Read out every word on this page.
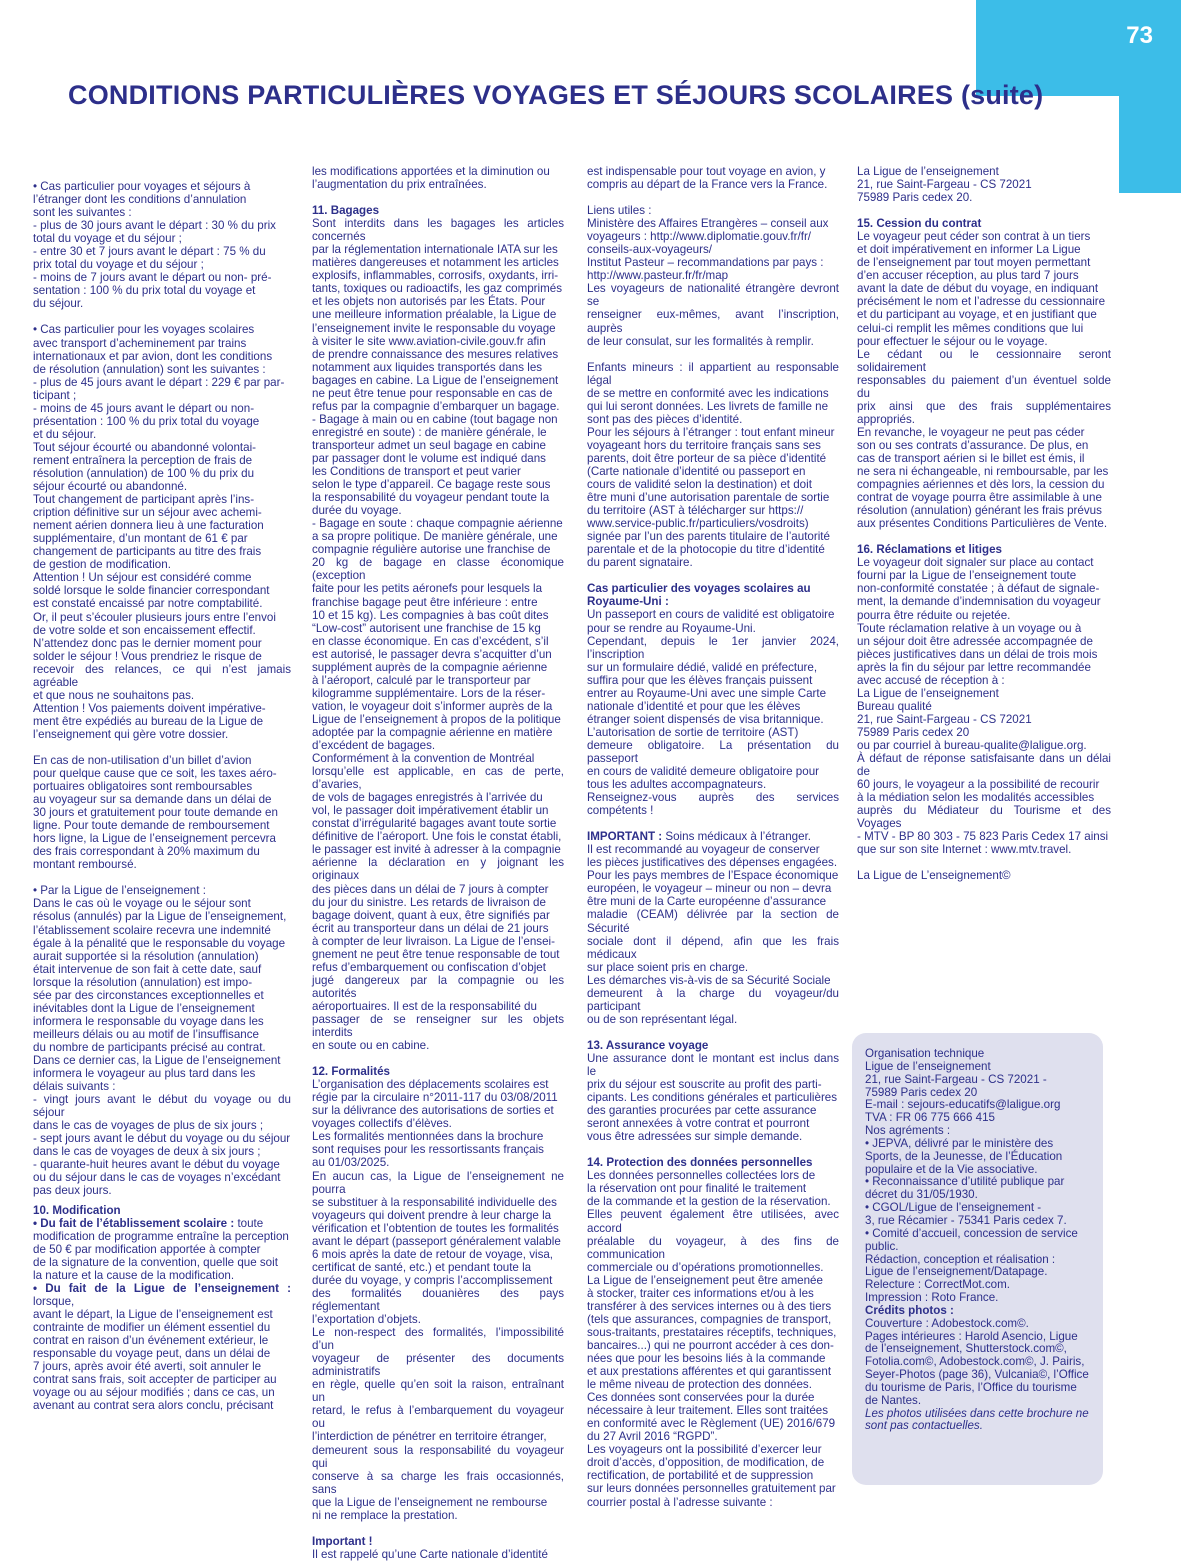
73
CONDITIONS PARTICULIÈRES VOYAGES ET SÉJOURS SCOLAIRES (suite)

• Cas particulier pour voyages et séjours à
l’étranger dont les conditions d’annulation
sont les suivantes :
- plus de 30 jours avant le départ : 30 % du prix
total du voyage et du séjour ;
- entre 30 et 7 jours avant le départ : 75 % du
prix total du voyage et du séjour ;
- moins de 7 jours avant le départ ou non- pré-
sentation : 100 % du prix total du voyage et
du séjour.

• Cas particulier pour les voyages scolaires
avec transport d’acheminement par trains
internationaux et par avion, dont les conditions
de résolution (annulation) sont les suivantes :
- plus de 45 jours avant le départ : 229 € par par-
ticipant ;
- moins de 45 jours avant le départ ou non-
présentation : 100 % du prix total du voyage
et du séjour.
Tout séjour écourté ou abandonné volontai-
rement entraînera la perception de frais de
résolution (annulation) de 100 % du prix du
séjour écourté ou abandonné.
Tout changement de participant après l’ins-
cription définitive sur un séjour avec achemi-
nement aérien donnera lieu à une facturation
supplémentaire, d’un montant de 61 € par
changement de participants au titre des frais
de gestion de modification.
Attention ! Un séjour est considéré comme
soldé lorsque le solde financier correspondant
est constaté encaissé par notre comptabilité.
Or, il peut s’écouler plusieurs jours entre l’envoi
de votre solde et son encaissement effectif.
N’attendez donc pas le dernier moment pour
solder le séjour ! Vous prendriez le risque de
recevoir des relances, ce qui n’est jamais agréable
et que nous ne souhaitons pas.
Attention ! Vos paiements doivent impérative-
ment être expédiés au bureau de la Ligue de
l’enseignement qui gère votre dossier.

En cas de non-utilisation d’un billet d’avion
pour quelque cause que ce soit, les taxes aéro-
portuaires obligatoires sont remboursables
au voyageur sur sa demande dans un délai de
30 jours et gratuitement pour toute demande en
ligne. Pour toute demande de remboursement
hors ligne, la Ligue de l’enseignement percevra
des frais correspondant à 20% maximum du
montant remboursé.

• Par la Ligue de l’enseignement :
Dans le cas où le voyage ou le séjour sont
résolus (annulés) par la Ligue de l’enseignement,
l’établissement scolaire recevra une indemnité
égale à la pénalité que le responsable du voyage
aurait supportée si la résolution (annulation)
était intervenue de son fait à cette date, sauf
lorsque la résolution (annulation) est impo-
sée par des circonstances exceptionnelles et
inévitables dont la Ligue de l’enseignement
informera le responsable du voyage dans les
meilleurs délais ou au motif de l’insuffisance
du nombre de participants précisé au contrat.
Dans ce dernier cas, la Ligue de l’enseignement
informera le voyageur au plus tard dans les
délais suivants :
- vingt jours avant le début du voyage ou du séjour
dans le cas de voyages de plus de six jours ;
- sept jours avant le début du voyage ou du séjour
dans le cas de voyages de deux à six jours ;
- quarante-huit heures avant le début du voyage
ou du séjour dans le cas de voyages n’excédant
pas deux jours.

10. Modification

• Du fait de l’établissement scolaire : toute
modification de programme entraîne la perception
de 50 € par modification apportée à compter
de la signature de la convention, quelle que soit
la nature et la cause de la modification.

• Du fait de la Ligue de l’enseignement : lorsque,
avant le départ, la Ligue de l’enseignement est
contrainte de modifier un élément essentiel du
contrat en raison d’un événement extérieur, le
responsable du voyage peut, dans un délai de
7 jours, après avoir été averti, soit annuler le
contrat sans frais, soit accepter de participer au
voyage ou au séjour modifiés ; dans ce cas, un
avenant au contrat sera alors conclu, précisant

les modifications apportées et la diminution ou
l’augmentation du prix entraînées.

11. Bagages

Sont interdits dans les bagages les articles concernés
par la réglementation internationale IATA sur les
matières dangereuses et notamment les articles
explosifs, inflammables, corrosifs, oxydants, irri-
tants, toxiques ou radioactifs, les gaz comprimés
et les objets non autorisés par les États. Pour
une meilleure information préalable, la Ligue de
l’enseignement invite le responsable du voyage
à visiter le site www.aviation-civile.gouv.fr afin
de prendre connaissance des mesures relatives
notamment aux liquides transportés dans les
bagages en cabine. La Ligue de l’enseignement
ne peut être tenue pour responsable en cas de
refus par la compagnie d’embarquer un bagage.
- Bagage à main ou en cabine (tout bagage non
enregistré en soute) : de manière générale, le
transporteur admet un seul bagage en cabine
par passager dont le volume est indiqué dans
les Conditions de transport et peut varier
selon le type d’appareil. Ce bagage reste sous
la responsabilité du voyageur pendant toute la
durée du voyage.
- Bagage en soute : chaque compagnie aérienne
a sa propre politique. De manière générale, une
compagnie régulière autorise une franchise de
20 kg de bagage en classe économique (exception
faite pour les petits aéronefs pour lesquels la
franchise bagage peut être inférieure : entre
10 et 15 kg). Les compagnies à bas coût dites
“Low-cost” autorisent une franchise de 15 kg
en classe économique. En cas d’excédent, s’il
est autorisé, le passager devra s’acquitter d’un
supplément auprès de la compagnie aérienne
à l’aéroport, calculé par le transporteur par
kilogramme supplémentaire. Lors de la réser-
vation, le voyageur doit s’informer auprès de la
Ligue de l’enseignement à propos de la politique
adoptée par la compagnie aérienne en matière
d’excédent de bagages.
Conformément à la convention de Montréal
lorsqu’elle est applicable, en cas de perte, d’avaries,
de vols de bagages enregistrés à l’arrivée du
vol, le passager doit impérativement établir un
constat d’irrégularité bagages avant toute sortie
définitive de l’aéroport. Une fois le constat établi,
le passager est invité à adresser à la compagnie
aérienne la déclaration en y joignant les originaux
des pièces dans un délai de 7 jours à compter
du jour du sinistre. Les retards de livraison de
bagage doivent, quant à eux, être signifiés par
écrit au transporteur dans un délai de 21 jours
à compter de leur livraison. La Ligue de l’ensei-
gnement ne peut être tenue responsable de tout
refus d’embarquement ou confiscation d’objet
jugé dangereux par la compagnie ou les autorités
aéroportuaires. Il est de la responsabilité du
passager de se renseigner sur les objets interdits
en soute ou en cabine.

12. Formalités

L’organisation des déplacements scolaires est
régie par la circulaire n°2011-117 du 03/08/2011
sur la délivrance des autorisations de sorties et
voyages collectifs d’élèves.
Les formalités mentionnées dans la brochure
sont requises pour les ressortissants français
au 01/03/2025.
En aucun cas, la Ligue de l’enseignement ne pourra
se substituer à la responsabilité individuelle des
voyageurs qui doivent prendre à leur charge la
vérification et l’obtention de toutes les formalités
avant le départ (passeport généralement valable
6 mois après la date de retour de voyage, visa,
certificat de santé, etc.) et pendant toute la
durée du voyage, y compris l’accomplissement
des formalités douanières des pays réglementant
l’exportation d’objets.
Le non-respect des formalités, l’impossibilité d’un
voyageur de présenter des documents administratifs
en règle, quelle qu’en soit la raison, entraînant un
retard, le refus à l’embarquement du voyageur ou
l’interdiction de pénétrer en territoire étranger,
demeurent sous la responsabilité du voyageur qui
conserve à sa charge les frais occasionnés, sans
que la Ligue de l’enseignement ne rembourse
ni ne remplace la prestation.

Important !

Il est rappelé qu’une Carte nationale d’identité

est indispensable pour tout voyage en avion, y
compris au départ de la France vers la France.

Liens utiles :
Ministère des Affaires Etrangères – conseil aux
voyageurs : http://www.diplomatie.gouv.fr/fr/
conseils-aux-voyageurs/
Institut Pasteur – recommandations par pays :
http://www.pasteur.fr/fr/map
Les voyageurs de nationalité étrangère devront se
renseigner eux-mêmes, avant l’inscription, auprès
de leur consulat, sur les formalités à remplir.

Enfants mineurs : il appartient au responsable légal
de se mettre en conformité avec les indications
qui lui seront données. Les livrets de famille ne
sont pas des pièces d’identité.
Pour les séjours à l’étranger : tout enfant mineur
voyageant hors du territoire français sans ses
parents, doit être porteur de sa pièce d’identité
(Carte nationale d’identité ou passeport en
cours de validité selon la destination) et doit
être muni d’une autorisation parentale de sortie
du territoire (AST à télécharger sur https://
www.service-public.fr/particuliers/vosdroits)
signée par l’un des parents titulaire de l’autorité
parentale et de la photocopie du titre d’identité
du parent signataire.

Cas particulier des voyages scolaires au
Royaume-Uni :

Un passeport en cours de validité est obligatoire
pour se rendre au Royaume-Uni.
Cependant, depuis le 1er janvier 2024, l’inscription
sur un formulaire dédié, validé en préfecture,
suffira pour que les élèves français puissent
entrer au Royaume-Uni avec une simple Carte
nationale d’identité et pour que les élèves
étranger soient dispensés de visa britannique.
L’autorisation de sortie de territoire (AST)
demeure obligatoire. La présentation du passeport
en cours de validité demeure obligatoire pour
tous les adultes accompagnateurs.
Renseignez-vous auprès des services compétents !

IMPORTANT : Soins médicaux à l’étranger.
Il est recommandé au voyageur de conserver
les pièces justificatives des dépenses engagées.
Pour les pays membres de l’Espace économique
européen, le voyageur – mineur ou non – devra
être muni de la Carte européenne d’assurance
maladie (CEAM) délivrée par la section de Sécurité
sociale dont il dépend, afin que les frais médicaux
sur place soient pris en charge.
Les démarches vis-à-vis de sa Sécurité Sociale
demeurent à la charge du voyageur/du participant
ou de son représentant légal.

13. Assurance voyage

Une assurance dont le montant est inclus dans le
prix du séjour est souscrite au profit des parti-
cipants. Les conditions générales et particulières
des garanties procurées par cette assurance
seront annexées à votre contrat et pourront
vous être adressées sur simple demande.

14. Protection des données personnelles

Les données personnelles collectées lors de
la réservation ont pour finalité le traitement
de la commande et la gestion de la réservation.
Elles peuvent également être utilisées, avec accord
préalable du voyageur, à des fins de communication
commerciale ou d’opérations promotionnelles.
La Ligue de l’enseignement peut être amenée
à stocker, traiter ces informations et/ou à les
transférer à des services internes ou à des tiers
(tels que assurances, compagnies de transport,
sous-traitants, prestataires réceptifs, techniques,
bancaires...) qui ne pourront accéder à ces don-
nées que pour les besoins liés à la commande
et aux prestations afférentes et qui garantissent
le même niveau de protection des données.
Ces données sont conservées pour la durée
nécessaire à leur traitement. Elles sont traitées
en conformité avec le Règlement (UE) 2016/679
du 27 Avril 2016 “RGPD”.
Les voyageurs ont la possibilité d’exercer leur
droit d’accès, d’opposition, de modification, de
rectification, de portabilité et de suppression
sur leurs données personnelles gratuitement par
courrier postal à l’adresse suivante :

La Ligue de l’enseignement
21, rue Saint-Fargeau - CS 72021
75989 Paris cedex 20.

15. Cession du contrat

Le voyageur peut céder son contrat à un tiers
et doit impérativement en informer La Ligue
de l’enseignement par tout moyen permettant
d’en accuser réception, au plus tard 7 jours
avant la date de début du voyage, en indiquant
précisément le nom et l’adresse du cessionnaire
et du participant au voyage, et en justifiant que
celui-ci remplit les mêmes conditions que lui
pour effectuer le séjour ou le voyage.
Le cédant ou le cessionnaire seront solidairement
responsables du paiement d’un éventuel solde du
prix ainsi que des frais supplémentaires appropriés.
En revanche, le voyageur ne peut pas céder
son ou ses contrats d’assurance. De plus, en
cas de transport aérien si le billet est émis, il
ne sera ni échangeable, ni remboursable, par les
compagnies aériennes et dès lors, la cession du
contrat de voyage pourra être assimilable à une
résolution (annulation) générant les frais prévus
aux présentes Conditions Particulières de Vente.

16. Réclamations et litiges

Le voyageur doit signaler sur place au contact
fourni par la Ligue de l’enseignement toute
non-conformité constatée ; à défaut de signale-
ment, la demande d’indemnisation du voyageur
pourra être réduite ou rejetée.
Toute réclamation relative à un voyage ou à
un séjour doit être adressée accompagnée de
pièces justificatives dans un délai de trois mois
après la fin du séjour par lettre recommandée
avec accusé de réception à :
La Ligue de l’enseignement
Bureau qualité
21, rue Saint-Fargeau - CS 72021
75989 Paris cedex 20
ou par courriel à bureau-qualite@laligue.org.
À défaut de réponse satisfaisante dans un délai de
60 jours, le voyageur a la possibilité de recourir
à la médiation selon les modalités accessibles
auprès du Médiateur du Tourisme et des Voyages
- MTV - BP 80 303 - 75 823 Paris Cedex 17 ainsi
que sur son site Internet : www.mtv.travel.

La Ligue de L’enseignement©

Organisation technique
Ligue de l’enseignement
21, rue Saint-Fargeau - CS 72021 -
75989 Paris cedex 20
E-mail : sejours-educatifs@laligue.org
TVA : FR 06 775 666 415
Nos agréments :
• JEPVA, délivré par le ministère des
Sports, de la Jeunesse, de l’Éducation
populaire et de la Vie associative.
• Reconnaissance d’utilité publique par
décret du 31/05/1930.
• CGOL/Ligue de l’enseignement -
3, rue Récamier - 75341 Paris cedex 7.
• Comité d’accueil, concession de service
public.
Rédaction, conception et réalisation :
Ligue de l’enseignement/Datapage.
Relecture : CorrectMot.com.
Impression : Roto France.

Crédits photos :

Couverture : Adobestock.com©.
Pages intérieures : Harold Asencio, Ligue
de l’enseignement, Shutterstock.com©,
Fotolia.com©, Adobestock.com©, J. Pairis,
Seyer-Photos (page 36), Vulcania©, l’Office
du tourisme de Paris, l’Office du tourisme
de Nantes.

Les photos utilisées dans cette brochure ne
sont pas contactuelles.
